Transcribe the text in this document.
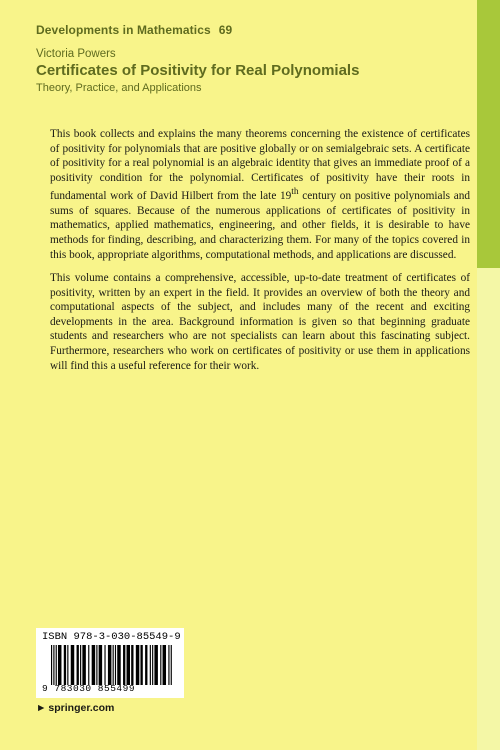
Developments in Mathematics 69
Victoria Powers
Certificates of Positivity for Real Polynomials
Theory, Practice, and Applications

This book collects and explains the many theorems concerning the existence of certificates of positivity for polynomials that are positive globally or on semialgebraic sets. A certificate of positivity for a real polynomial is an algebraic identity that gives an immediate proof of a positivity condition for the polynomial. Certificates of positivity have their roots in fundamental work of David Hilbert from the late 19th century on positive polynomials and sums of squares. Because of the numerous applications of certificates of positivity in mathematics, applied mathematics, engineering, and other fields, it is desirable to have methods for finding, describing, and characterizing them. For many of the topics covered in this book, appropriate algorithms, computational methods, and applications are discussed.

This volume contains a comprehensive, accessible, up-to-date treatment of certificates of positivity, written by an expert in the field. It provides an overview of both the theory and computational aspects of the subject, and includes many of the recent and exciting developments in the area. Background information is given so that beginning graduate students and researchers who are not specialists can learn about this fascinating subject. Furthermore, researchers who work on certificates of positivity or use them in applications will find this a useful reference for their work.

ISBN 978-3-030-85549-9
9 783030 855499
► springer.com
